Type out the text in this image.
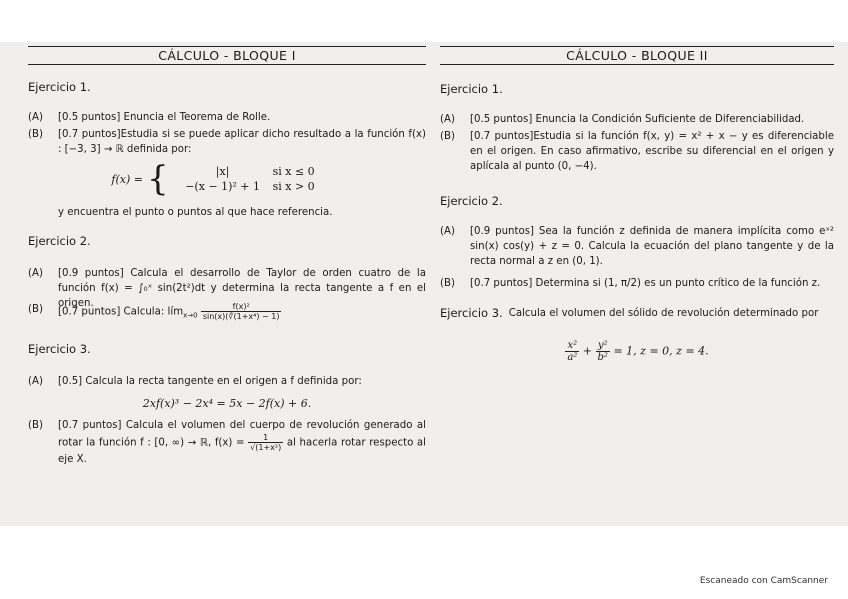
CÁLCULO - BLOQUE I
Ejercicio 1.
(A)	[0.5 puntos] Enuncia el Teorema de Rolle.
(B)	[0.7 puntos]Estudia si se puede aplicar dicho resultado a la función f(x) : [−3, 3] → ℝ definida por:
f(x) = {	|x|	si x ≤ 0
−(x − 1)² + 1	si x > 0
y encuentra el punto o puntos al que hace referencia.
Ejercicio 2.
(A)	[0.9 puntos] Calcula el desarrollo de Taylor de orden cuatro de la función f(x) = ∫₀ˣ sin(2t²)dt y determina la recta tangente a f en el origen.
(B)	[0.7 puntos] Calcula: lím$_{x\to 0}$ $\frac{\text{f(x)²}}{\text{sin(x)(∛(1+x⁴) − 1)}}$
Ejercicio 3.
(A)	[0.5] Calcula la recta tangente en el origen a f definida por:
2xf(x)³ − 2x⁴ = 5x − 2f(x) + 6.
(B)	[0.7 puntos] Calcula el volumen del cuerpo de revolución generado al rotar la función f : [0, ∞) → ℝ, $f(x) = \frac{1}{\text{√(1+x²)}}$ al hacerla rotar respecto al eje X.
CÁLCULO - BLOQUE II
Ejercicio 1.
(A)	[0.5 puntos] Enuncia la Condición Suficiente de Diferenciabilidad.
(B)	[0.7 puntos]Estudia si la función f(x, y) = x² + x − y es diferenciable en el origen. En caso afirmativo, escribe su diferencial en el origen y aplícala al punto (0, −4).
Ejercicio 2.
(A)	[0.9 puntos] Sea la función z definida de manera implícita como eˣ² sin(x) cos(y) + z = 0. Calcula la ecuación del plano tangente y de la recta normal a z en (0, 1).
(B)	[0.7 puntos] Determina si (1, π/2) es un punto crítico de la función z.
Ejercicio 3. Calcula el volumen del sólido de revolución determinado por
$\frac{\text{x²}}{\text{a²}} + \frac{\text{y²}}{\text{b²}} = 1$, z = 0, z = 4.
Escaneado con CamScanner
